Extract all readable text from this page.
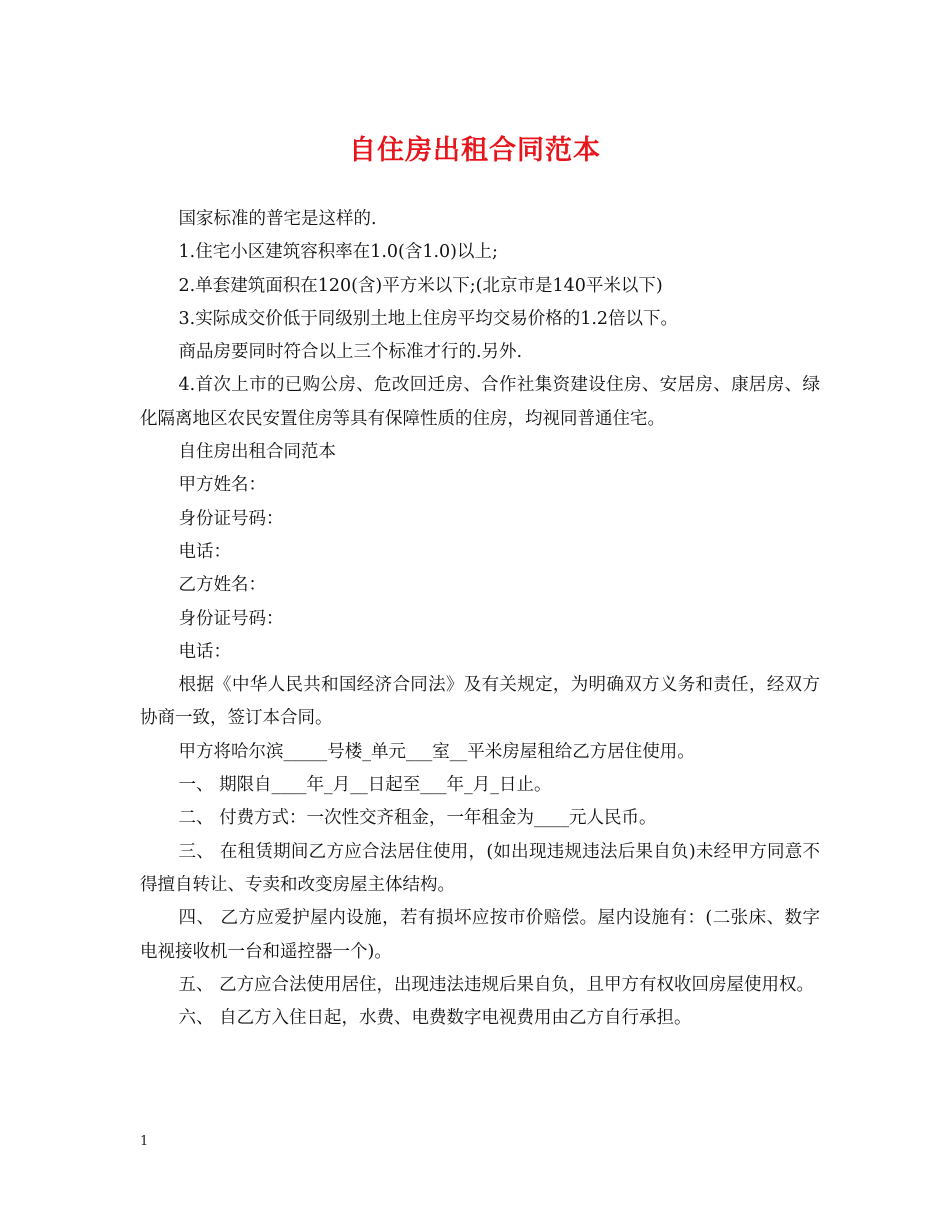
自住房出租合同范本

国家标准的普宅是这样的.

1.住宅小区建筑容积率在1.0(含1.0)以上;

2.单套建筑面积在120(含)平方米以下;(北京市是140平米以下)

3.实际成交价低于同级别土地上住房平均交易价格的1.2倍以下。

商品房要同时符合以上三个标准才行的.另外.

4.首次上市的已购公房、危改回迁房、合作社集资建设住房、安居房、康居房、绿化隔离地区农民安置住房等具有保障性质的住房，均视同普通住宅。

自住房出租合同范本

甲方姓名：

身份证号码：

电话：

乙方姓名：

身份证号码：

电话：

根据《中华人民共和国经济合同法》及有关规定，为明确双方义务和责任，经双方协商一致，签订本合同。

甲方将哈尔滨_____号楼_单元___室__平米房屋租给乙方居住使用。

一、 期限自____年_月__日起至___年_月_日止。

二、 付费方式：一次性交齐租金，一年租金为____元人民币。

三、 在租赁期间乙方应合法居住使用，(如出现违规违法后果自负)未经甲方同意不得擅自转让、专卖和改变房屋主体结构。

四、 乙方应爱护屋内设施，若有损坏应按市价赔偿。屋内设施有：(二张床、数字电视接收机一台和遥控器一个)。

五、 乙方应合法使用居住，出现违法违规后果自负，且甲方有权收回房屋使用权。

六、 自乙方入住日起，水费、电费数字电视费用由乙方自行承担。

1
